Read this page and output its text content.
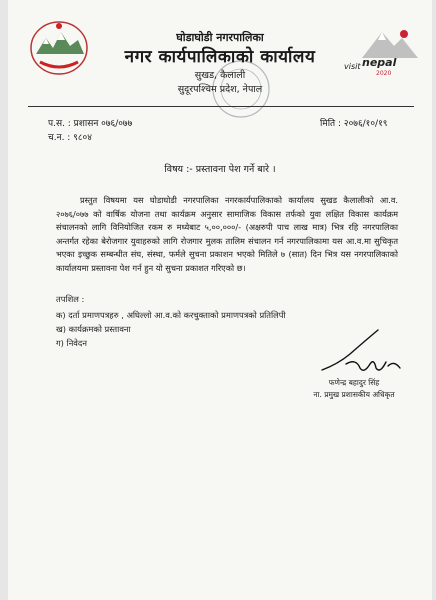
घोडाघोडी नगरपालिका
नगर कार्यपालिकाको कार्यालय
सुखड, कैलाली
सुदूरपश्चिम प्रदेश, नेपाल
visit nepal
2020
प.स. : प्रशासन ०७६/०७७
च.न. : ९८०४
मिति : २०७६/१०/१९
विषय :- प्रस्तावना पेश गर्ने बारे ।
प्रस्तुत विषयमा यस घोडाघोडी नगरपालिका नगरकार्यपालिकाको कार्यालय सुखड कैलालीको आ.व. २०७६/०७७ को वार्षिक योजना तथा कार्यक्रम अनुसार सामाजिक विकास तर्फको युवा लक्षित विकास कार्यक्रम संचालनको लागि विनियोजित रकम रु मध्येबाट ५,००,०००/- (अक्षरुपी पाच लाख मात्र) भित्र रहि नगरपालिका अन्तर्गत रहेका बेरोजगार युवाहरुको लागि रोजगार मुलक तालिम संचालन गर्न नगरपालिकामा यस आ.व.मा सुचिकृत भएका इच्छुक सम्बन्धीत संघ, संस्था, फर्मले सुचना प्रकाशन भएको मितिले ७ (सात) दिन भित्र यस नगरपालिकाको कार्यालयमा प्रस्तावना पेश गर्न हुन यो सुचना प्रकाशत गरिएको छ।
तपशिल :
क) दर्ता प्रमाणपत्रहरु , अघिल्लो आ.व.को करचुक्ताको प्रमाणपत्रको प्रतिलिपी
ख) कार्यक्रमको प्रस्तावना
ग) निवेदन
फणेन्द्र बहादुर सिंह
ना. प्रमुख प्रशासकीय अधिकृत
